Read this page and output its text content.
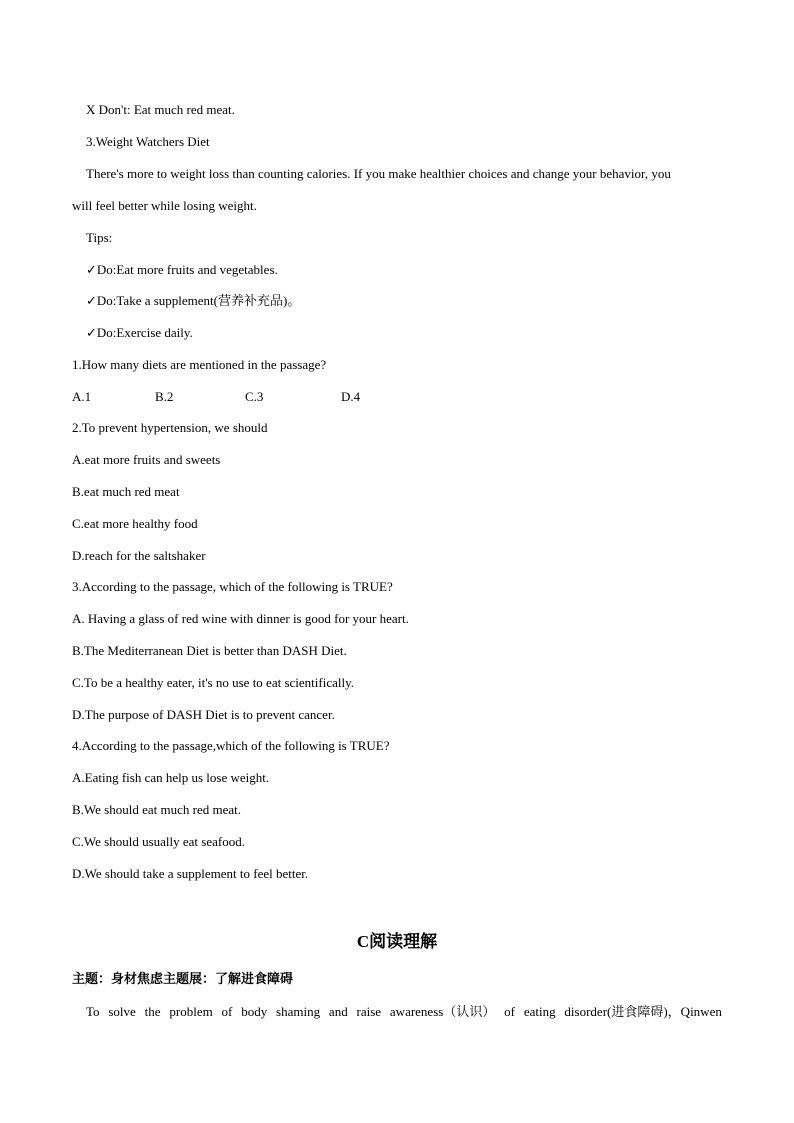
X Don't: Eat much red meat.
3.Weight Watchers Diet
There's more to weight loss than counting calories. If you make healthier choices and change your behavior, you
will feel better while losing weight.
Tips:
✓Do:Eat more fruits and vegetables.
✓Do:Take a supplement(营养补充品)。
✓Do:Exercise daily.
1.How many diets are mentioned in the passage?
A.1	B.2	C.3	D.4
2.To prevent hypertension, we should
A.eat more fruits and sweets
B.eat much red meat
C.eat more healthy food
D.reach for the saltshaker
3.According to the passage, which of the following is TRUE?
A. Having a glass of red wine with dinner is good for your heart.
B.The Mediterranean Diet is better than DASH Diet.
C.To be a healthy eater, it's no use to eat scientifically.
D.The purpose of DASH Diet is to prevent cancer.
4.According to the passage,which of the following is TRUE?
A.Eating fish can help us lose weight.
B.We should eat much red meat.
C.We should usually eat seafood.
D.We should take a supplement to feel better.
C阅读理解
主题：身材焦虑主题展：了解进食障碍
To solve the problem of body shaming and raise awareness（认识） of eating disorder(进食障碍)，Qinwen
